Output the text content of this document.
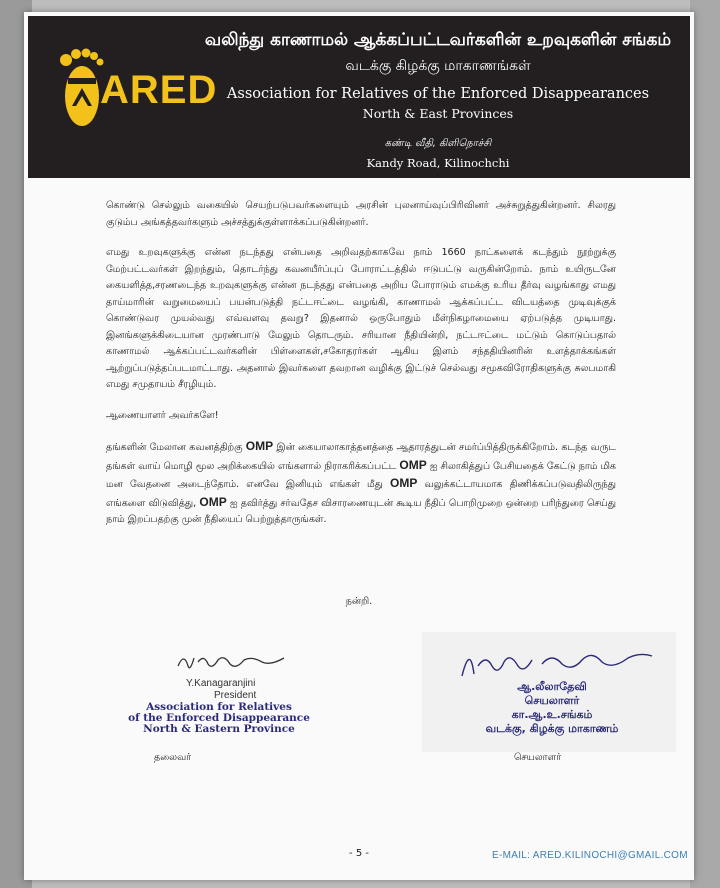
ARED
வலிந்து காணாமல் ஆக்கப்பட்டவர்களின் உறவுகளின் சங்கம்
வடக்கு கிழக்கு மாகாணங்கள்
Association for Relatives of the Enforced Disappearances
North & East Provinces
கண்டி வீதி, கிளிநொச்சி
Kandy Road, Kilinochchi

கொண்டு செல்லும் வகையில் செயற்படுபவர்களையும் அரசின் புலனாய்வுப்பிரிவினர் அச்சுறுத்துகின்றனர். சிலரது குடும்ப அங்கத்தவர்களும் அச்சத்துக்குள்ளாக்கப்படுகின்றனர்.

எமது உறவுகளுக்கு என்ன நடந்தது என்பதை அறிவதற்காகவே நாம் 1660 நாட்களைக் கடந்தும் நூற்றுக்கு மேற்பட்டவர்கள் இறந்தும், தொடர்ந்து கவனயீர்ப்புப் போராட்டத்தில் ஈடுபட்டு வருகின்றோம். நாம் உயிருடனே கையளித்த,சரணடைந்த உறவுகளுக்கு என்ன நடந்தது என்பதை அறிய போராடும் எமக்கு உரிய தீர்வு வழங்காது எமது தாய்மாரின் வறுமையைப் பயன்படுத்தி நட்டஈட்டை வழங்கி, காணாமல் ஆக்கப்பட்ட விடயத்தை முடிவுக்குக் கொண்டுவர முயல்வது எவ்வளவு தவறு? இதனால் ஒருபோதும் மீள்நிகழாமையை ஏற்படுத்த முடியாது. இனங்களுக்கிடையான முரண்பாடு மேலும் தொடரும். சரியான நீதியின்றி, நட்டஈட்டை மட்டும் கொடுப்பதால் காணாமல் ஆக்கப்பட்டவர்களின் பிள்ளைகள்,சகோதரர்கள் ஆகிய இளம் சந்ததியினரின் உளத்தாக்கங்கள் ஆற்றுப்படுத்தப்படமாட்டாது. அதனால் இவர்களை தவறான வழிக்கு இட்டுச் செல்வது சமூகவிரோதிகளுக்கு சுலபமாகி எமது சமுதாயம் சீரழியும்.

ஆணையாளர் அவர்களே!

தங்களின் மேலான கவனத்திற்கு OMP இன் கையாலாகாத்தனத்தை ஆதாரத்துடன் சமர்ப்பித்திருக்கிறோம். கடந்த வருட தங்கள் வாய் மொழி மூல அறிக்கையில் எங்களால் நிராகரிக்கப்பட்ட OMP ஐ சிலாகித்துப் பேசியதைக் கேட்டு நாம் மிக மன வேதனை அடைந்தோம். எனவே இனியும் எங்கள் மீது OMP வலுக்கட்டாயமாக திணிக்கப்படுவதிலிருந்து எங்களை விடுவித்து, OMP ஐ தவிர்த்து சர்வதேச விசாரணையுடன் கூடிய நீதிப் பொறிமுறை ஒன்றை பரிந்துரை செய்து நாம் இறப்பதற்கு முன் நீதியைப் பெற்றுத்தாருங்கள்.

நன்றி.
Y.Kanagaranjini
President
Association for Relatives
of the Enforced Disappearance
North & Eastern Province
ஆ.லீலாதேவி
செயலாளர்
கா.ஆ.உ.சங்கம்
வடக்கு, கிழக்கு மாகாணம்
தலைவர்	செயலாளர்
- 5 -	E-MAIL: ARED.KILINOCHI@GMAIL.COM
